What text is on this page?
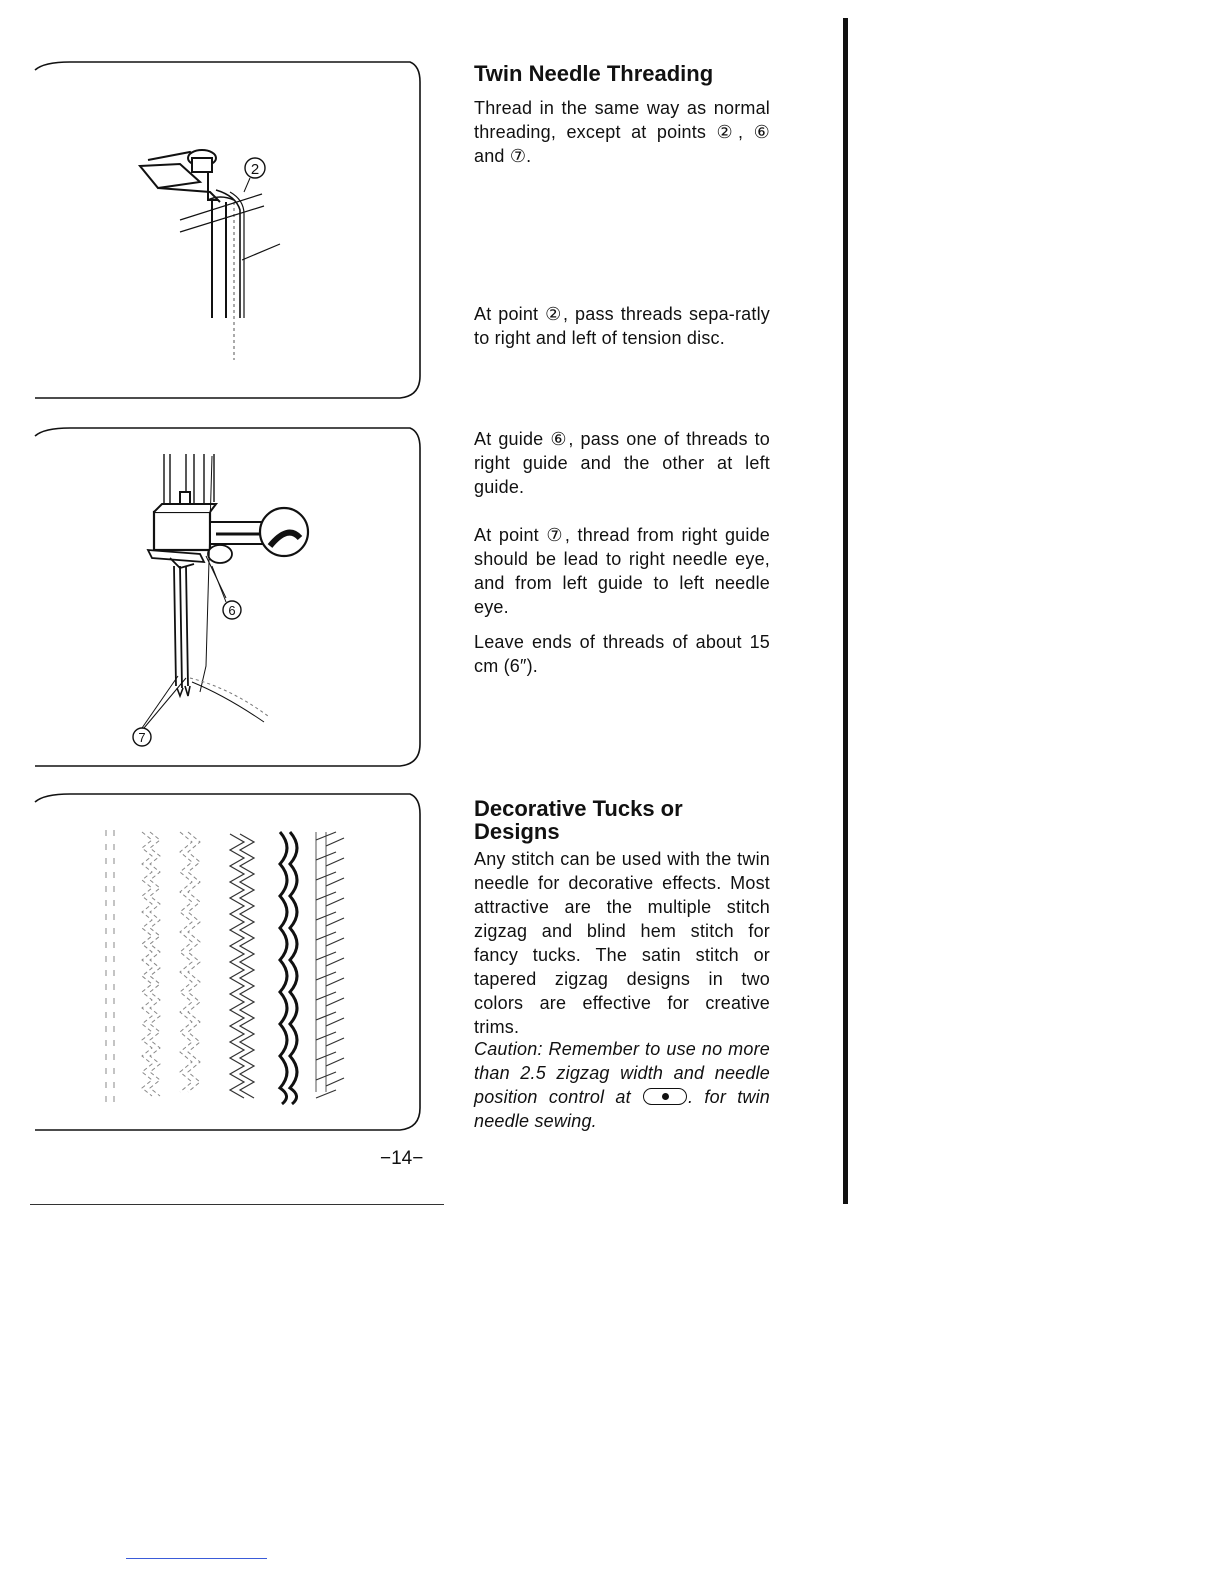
2
6
7
Twin Needle Threading
Thread in the same way as normal threading, except at points ②, ⑥ and ⑦.
At point ②, pass threads sepa-ratly to right and left of tension disc.
At guide ⑥, pass one of threads to right guide and the other at left guide.
At point ⑦, thread from right guide should be lead to right needle eye, and from left guide to left needle eye.
Leave ends of threads of about 15 cm (6″).
Decorative Tucks or
Designs
Any stitch can be used with the twin needle for decorative effects. Most attractive are the multiple stitch zigzag and blind hem stitch for fancy tucks. The satin stitch or tapered zigzag designs in two colors are effective for creative trims.
Caution: Remember to use no more than 2.5 zigzag width and needle position control at	. for twin needle sewing.
−14−
